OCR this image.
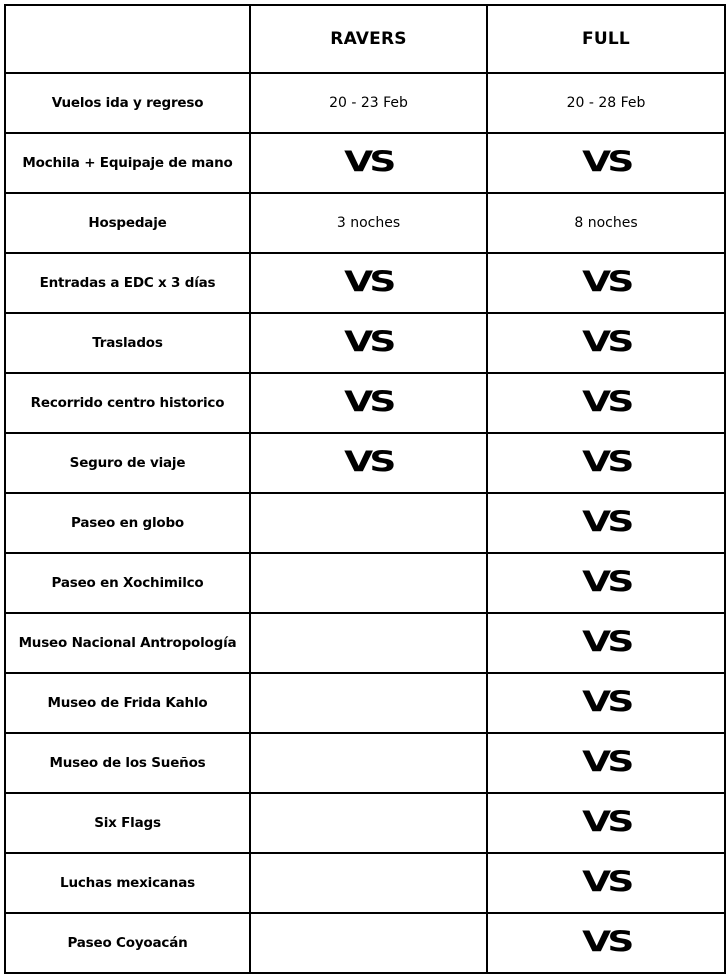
	RAVERS	FULL
Vuelos ida y regreso	20 - 23 Feb	20 - 28 Feb
Mochila + Equipaje de mano	VS	VS
Hospedaje	3 noches	8 noches
Entradas a EDC x 3 días	VS	VS
Traslados	VS	VS
Recorrido centro historico	VS	VS
Seguro de viaje	VS	VS
Paseo en globo		VS
Paseo en Xochimilco		VS
Museo Nacional Antropología		VS
Museo de Frida Kahlo		VS
Museo de los Sueños		VS
Six Flags		VS
Luchas mexicanas		VS
Paseo Coyoacán		VS
